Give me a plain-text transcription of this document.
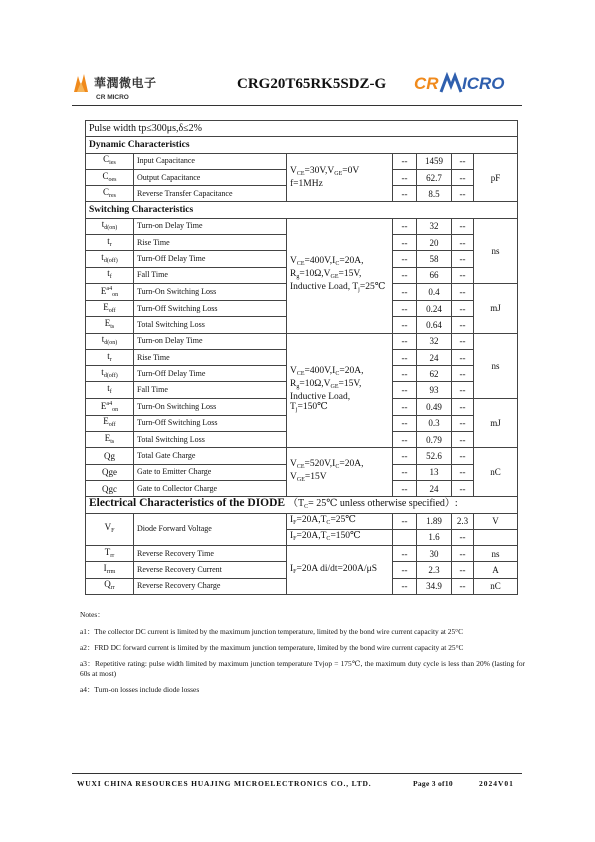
華潤微电子
CR MICRO
CRG20T65RK5SDZ-G CR ICRO
Pulse width tp≤300μs,δ≤2%						
Dynamic Characteristics						
$C_{ies}$	Input Capacitance	$V_{CE}=30V,V_{GE}=0V$ f=1MHz	--	1459	--	pF
$C_{oes}$	Output Capacitance		--	62.7	--	
$C_{res}$	Reverse Transfer Capacitance		--	8.5	--	
Switching Characteristics						
$t_{d(on)}$	Turn-on Delay Time	$V_{CE}=400V,I_C=20A$, $R_g=10\Omega,V_{GE}=15V$, Inductive Load, $T_j=25℃$	--	32	--	ns
$t_r$	Rise Time		--	20	--	
$t_{d(off)}$	Turn-Off Delay Time		--	58	--	
$t_f$	Fall Time		--	66	--	
$E^{a4}_{on}$	Turn-On Switching Loss		--	0.4	--	mJ
$E_{off}$	Turn-Off Switching Loss		--	0.24	--	
$E_{ts}$	Total Switching Loss		--	0.64	--	
$t_{d(on)}$	Turn-on Delay Time	$V_{CE}=400V,I_C=20A$, $R_g=10\Omega,V_{GE}=15V$, Inductive Load, $T_j=150℃$	--	32	--	ns
$t_r$	Rise Time		--	24	--	
$t_{d(off)}$	Turn-Off Delay Time		--	62	--	
$t_f$	Fall Time		--	93	--	
$E^{a4}_{on}$	Turn-On Switching Loss		--	0.49	--	mJ
$E_{off}$	Turn-Off Switching Loss		--	0.3	--	
$E_{ts}$	Total Switching Loss		--	0.79	--	
Qg	Total Gate Charge	$V_{CE}=520V,I_C=20A$, $V_{GE}=15V$	--	52.6	--	nC
Qge	Gate to Emitter Charge		--	13	--	
Qgc	Gate to Collector Charge		--	24	--	
Electrical Characteristics of the DIODE （$T_C=$ 25℃ unless otherwise specified）:						
$V_F$	Diode Forward Voltage	$I_F=20A,T_C=25℃$	--	1.89	2.3	V
		$I_F=20A,T_C=150℃$		1.6	--	
$T_{rr}$	Reverse Recovery Time	$I_F=20A$ di/dt=200A/μS	--	30	--	ns
$I_{rrm}$	Reverse Recovery Current		--	2.3	--	A
$Q_{rr}$	Reverse Recovery Charge		--	34.9	--	nC

Notes：

a1：The collector DC current is limited by the maximum junction temperature, limited by the bond wire current capacity at 25°C

a2：FRD DC forward current is limited by the maximum junction temperature, limited by the bond wire current capacity at 25°C

a3：Repetitive rating: pulse width limited by maximum junction temperature Tvjop = 175℃, the maximum duty cycle is less than 20% (lasting for 60s at most)

a4：Turn-on losses include diode losses

WUXI CHINA RESOURCES HUAJING MICROELECTRONICS CO., LTD.	Page 3 of10	2024V01
